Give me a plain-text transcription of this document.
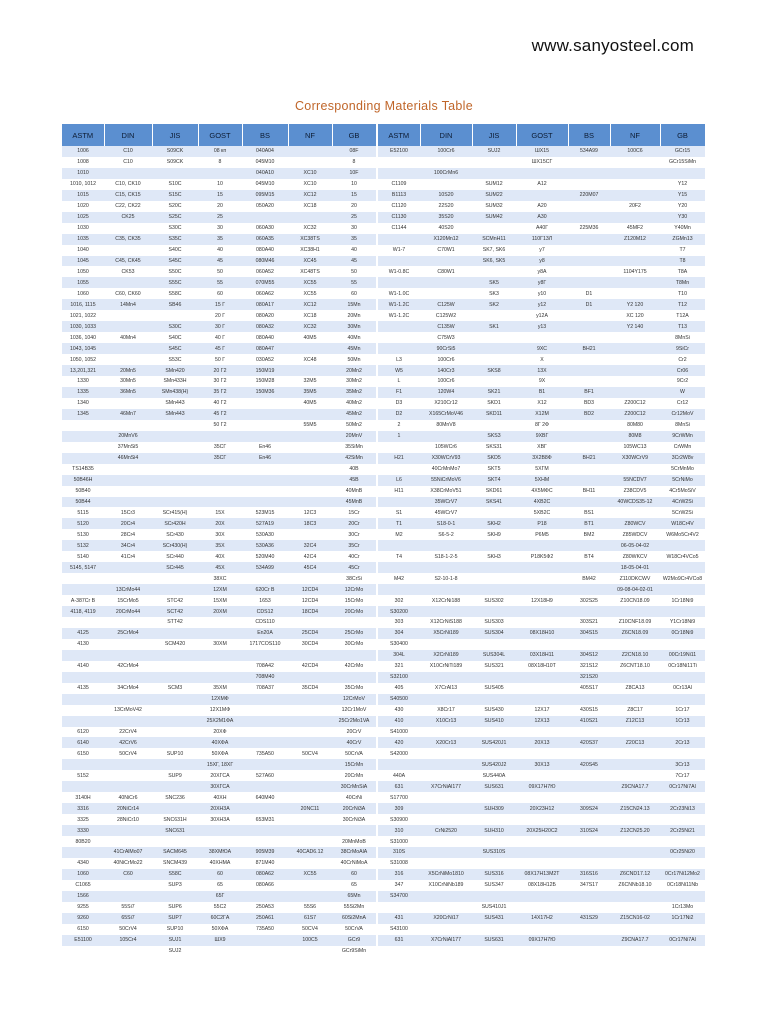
www.sanyosteel.com
Corresponding Materials Table
ASTM	DIN	JIS	GOST	BS	NF	GB
1006	C10	S09CK	08 кп	040A04		08F
1008	C10	S09CK	8	045M10		8
1010				040A10	XC10	10F
1010, 1012	C10, CK10	S10C	10	045M10	XC10	10
1015	C15, CK15	S15C	15	095M15	XC12	15
1020	C22, CK22	S20C	20	050A20	XC18	20
1025	CK25	S25C	25			25
1030		S30C	30	060A30	XC32	30
1035	C35, CK35	S35C	35	060A35	XC38TS	35
1040		S40C	40	080A40	XC38H1	40
1045	C45, CK45	S45C	45	080M46	XC45	45
1050	CK53	S50C	50	060A52	XC48TS	50
1055		S55C	55	070M55	XC55	55
1060	C60, CK60	S58C	60	060A62	XC55	60
1016, 1115	14Mn4	SB46	15 Г	080A17	XC12	15Mn
1021, 1022			20 Г	080A20	XC18	20Mn
1030, 1033		S30C	30 Г	080A32	XC32	30Mn
1036, 1040	40Mn4	S40C	40 Г	080A40	40M5	40Mn
1043, 1045		S45C	45 Г	080A47		45Mn
1050, 1052		S53C	50 Г	030A52	XC48	50Mn
13,201,321	20Mn5	SMn420	20 Г2	150M19		20Mn2
1330	30Mn5	SMn433H	30 Г2	150M28	32M5	30Mn2
1335	36Mn5	SMn438(H)	35 Г2	150M36	35M5	35Mn2
1340		SMn443	40 Г2		40M5	40Mn2
1345	46Mn7	SMn443	45 Г2			45Mn2
			50 Г2		55M5	50Mn2
	20MnV6					20MnV
	37MnSi5		35CГ	En46		35SiMn
	46MnSi4		35CГ	En46		42SiMn
TS14B35						40B
50B46H						45B
50B40						40MnB
50B44						45MnB
5115	15Cr3	SCr415(H)	15X	523M15	12C3	15Cr
5120	20Cr4	SCr420H	20X	527A19	18C3	20Cr
5130	28Cr4	SCr430	30X	530A30		30Cr
5132	34Cr4	SCr430(H)	35X	530A36	32C4	35Cr
5140	41Cr4	SCr440	40X	520M40	42C4	40Cr
5145, 5147		SCr445	45X	534A99	45C4	45Cr
			38XC			38CrSi
	13CrMo44		12XM	620Cr B	12CD4	12CrMo
A-387Cr B	15CrMo5	STC42	15XM	1653	12CD4	15CrMo
4118, 4119	20CrMo44	SCT42	20XM	CDS12	18CD4	20CrMo
		STT42		CDS110		
4125	25CrMo4			En20A	25CD4	25CrMo
4130		SCM420	30XM	1717COS110	30CD4	30CrMo

4140	42CrMo4			708A42	42CD4	42CrMo
				708M40		
4135	34CrMo4	SCM3	35XM	708A37	35CD4	35CrMo
			12XMФ			12CrMoV
	13CrMoV42		12X1MФ			12Cr1MoV
			25X2M1ФA			25Cr2Mo1VA
6120	22CrV4		20XФ			20CrV
6140	42CrV6		40XФA			40CrV
6150	50CrV4	SUP10	50XФA	735A50	50CV4	50CrVA
			15XГ, 18XГ			15CrMn
5152		SUP9	20XГCA	527A60		20CrMn
			30XГCA			30CrMnSiA
3140H	40NiCr6	SNC236	40XH	640M40		40CrNi
3316	20NiCr14		20XH3A		20NC11	20CrNi3A
3325	28NiCr10	SNC631H	30XH3A	653M31		30CrNi3A
3330		SNC631				
80B20						20MnMoB
	41CrAlMo07	SACM645	38XMЮA	905M39	40CAD6.12	38CrMoAlA
4340	40NiCrMo22	SNCM439	40XHMA	871M40		40CrNiMoA
1060	C60	S58C	60	080A62	XC55	60
C1065		SUP3	65	080A66		65
1566			65Г			65Mn
9255	55Si7	SUP6	55C2	250A53	55S6	55Si2Mn
9260	65Si7	SUP7	60C2ГA	250A61	61S7	60Si2MnA
6150	50CrV4	SUP10	50XФA	735A50	50CV4	50CrVA
E51100	105Cr4	SUJ1	ШX9		100C5	GCr9
		SUJ2				GCr9SiMn
ASTM	DIN	JIS	GOST	BS	NF	GB
E52100	100Cr6	SUJ2	ШX15	534A99	100C6	GCr15
			ШX15CГ			GCr15SiMn
	100CrMn6					
C1109		SUM12	A12			Y12
B1113	10S20	SUM22		220M07		Y15
C1120	22S20	SUM32	A20		20F2	Y20
C1130	35S20	SUM42	A30			Y30
C1144	40S20		A40Г	225M36	45MF2	Y40Mn
	X120Mn12	SCMnH11	110Г13Л		Z120M12	ZGMn13
W1-7	C70W1	SK7, SK6	y7			T7
		SK6, SK5	y8			T8
W1-0.8C	C80W1		y8A		1104Y175	T8A
		SK5	y8Г			T8Mn
W1-1.0C		SK3	y10	D1		T10
W1-1.2C	C125W	SK2	y12	D1	Y2 120	T12
W1-1.2C	C125W2		y12A		XC 120	T12A
	C135W	SK1	y13		Y2 140	T13
	C75W3					8MnSi
	90CrSi5		9XC	BH21		9SiCr
L3	100Cr6		X			Cr2
W5	140Cr3	SKS8	13X			Cr06
L	100Cr6		9X			9Cr2
F1	120W4	SK21	B1	BF1		W
D3	X210Cr12	SKD1	X12	BD3	Z200C12	Cr12
D2	X165CrMoV46	SKD11	X12M	BD2	Z200C12	Cr12MoV
2	80MnV8		8Г 2Ф		80M80	8MnSi
1		SKS3	9XBГ		80M8	9CrWMn
	105WCr6	SKS31	XBГ		105WC13	CrWMn
H21	X30WCrV93	SKD5	3X2B8Ф	BH21	X30WCrV9	3Cr2W8v
	40CrMnMo7	SKT5	5XГM			5CrMnMo
L6	55NiCrMoV6	SKT4	5XHM		55NCDV7	5CrNiMo
H11	X38CrMoV51	SKD61	4X5MФC	BH11	Z38CDV5	4Cr5MoSiV
	35WCrV7	SKS41	4XB2C		40WCDS35-12	4CrW2Si
S1	45WCrV7		5XB2C	BS1		5CrW2Si
T1	S18-0-1	SKH2	P18	BT1	Z80WCV	W18Cr4V
M2	S6-5-2	SKH9	P6M5	BM2	Z85WDCV	W6Mo5Cr4V2
					06-05-04-02	
T4	S18-1-2-5	SKH3	P18K5Ф2	BT4	Z80WKCV	W18Cr4VCo5
					18-05-04-01	
M42	S2-10-1-8			BM42	Z110DKCWV	W2Mo9Cr4VCo8
					09-08-04-02-01	
302	X12CrNi188	SUS302	12X18H9	302S25	Z10CN18.09	1Cr18Ni9
S30200						
303	X12CrNiS188	SUS303		303S21	Z10CNF18.09	Y1Cr18Ni9
304	X5CrNi189	SUS304	08X18H10	304S15	Z6CN18.09	0Cr18Ni9
S30400						
304L	X2CrNi189	SUS304L	03X18H11	304S12	Z2CN18.10	00Cr19Ni11
321	X10CrNiTi189	SUS321	08X18H10T	321S12	Z6CNT18.10	0Cr18Ni11Ti
S32100				321S20		
405	X7CrAl13	SUS405		405S17	Z8CA13	0Cr13Al
S40500						
430	X8Cr17	SUS430	12X17	430S15	Z8C17	1Cr17
410	X10Cr13	SUS410	12X13	410S21	Z12C13	1Cr13
S41000						
420	X20Cr13	SUS420J1	20X13	420S37	Z20C13	2Cr13
S42000						
		SUS420J2	30X13	420S45		3Cr13
440A		SUS440A				7Cr17
631	X7CrNiAl177	SUS631	09X17H7Ю		Z9CNA17.7	0Cr17Ni7Al
S17700						
309		SUH309	20X23H12	309S24	Z15CN24.13	2Cr23Ni13
S30900						
310	CrNi2520	SUH310	20X25H20C2	310S24	Z12CN25.20	2Cr25Ni21
S31000						
310S		SUS310S				0Cr25Ni20
S31008						
316	X5CrNiMo1810	SUS316	08X17H13M2T	316S16	Z6CND17.12	0Cr17Ni12Mo2
347	X10CrNiNb189	SUS347	08X18H12Б	347S17	Z6CNNb18.10	0Cr18Ni11Nb
S34700						
		SUS410J1				1Cr13Mo
431	X20CrNi17	SUS431	14X17H2	431S29	Z15CN16-02	1Cr17Ni2
S43100						
631	X7CrNiAl177	SUS631	09X17H7Ю		Z9CNA17.7	0Cr17Ni7Al
